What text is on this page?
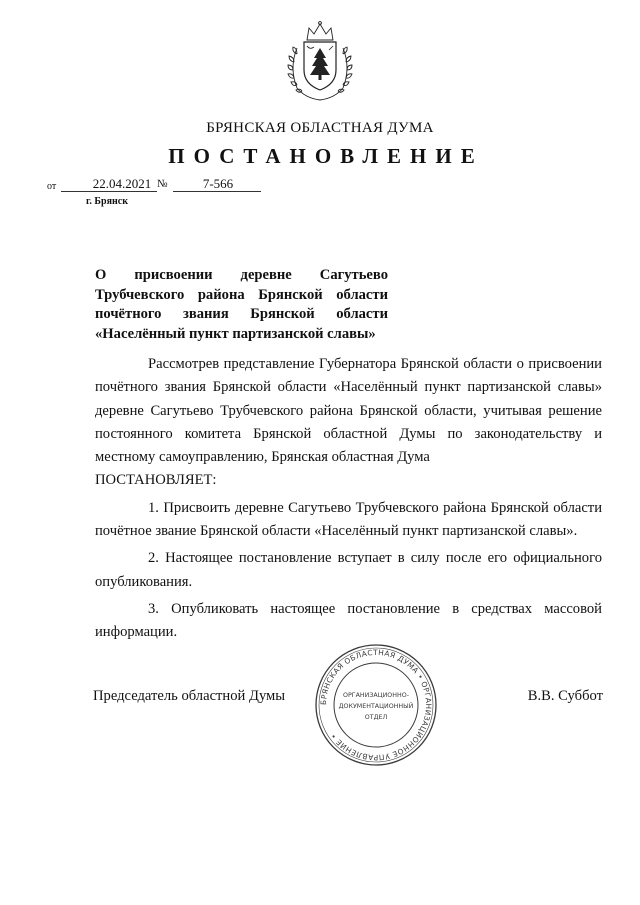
БРЯНСКАЯ ОБЛАСТНАЯ ДУМА
ПОСТАНОВЛЕНИЕ
от	22.04.2021 №	7-566
г. Брянск
О присвоении деревне Сагутьево
Трубчевского района Брянской области
почётного звания Брянской области
«Населённый пункт партизанской славы»

Рассмотрев представление Губернатора Брянской области о присвоении почётного звания Брянской области «Населённый пункт партизанской славы» деревне Сагутьево Трубчевского района Брянской области, учитывая решение постоянного комитета Брянской областной Думы по законодательству и местному самоуправлению, Брянская областная Дума

ПОСТАНОВЛЯЕТ:

1. Присвоить деревне Сагутьево Трубчевского района Брянской области почётное звание Брянской области «Населённый пункт партизанской славы».

2. Настоящее постановление вступает в силу после его официального опубликования.

3. Опубликовать настоящее постановление в средствах массовой информации.

Председатель областной Думы	В.В. Суббот
БРЯНСКАЯ ОБЛАСТНАЯ ДУМА • ОРГАНИЗАЦИОННОЕ УПРАВЛЕНИЕ •
ОРГАНИЗАЦИОННО-
ДОКУМЕНТАЦИОННЫЙ
ОТДЕЛ
